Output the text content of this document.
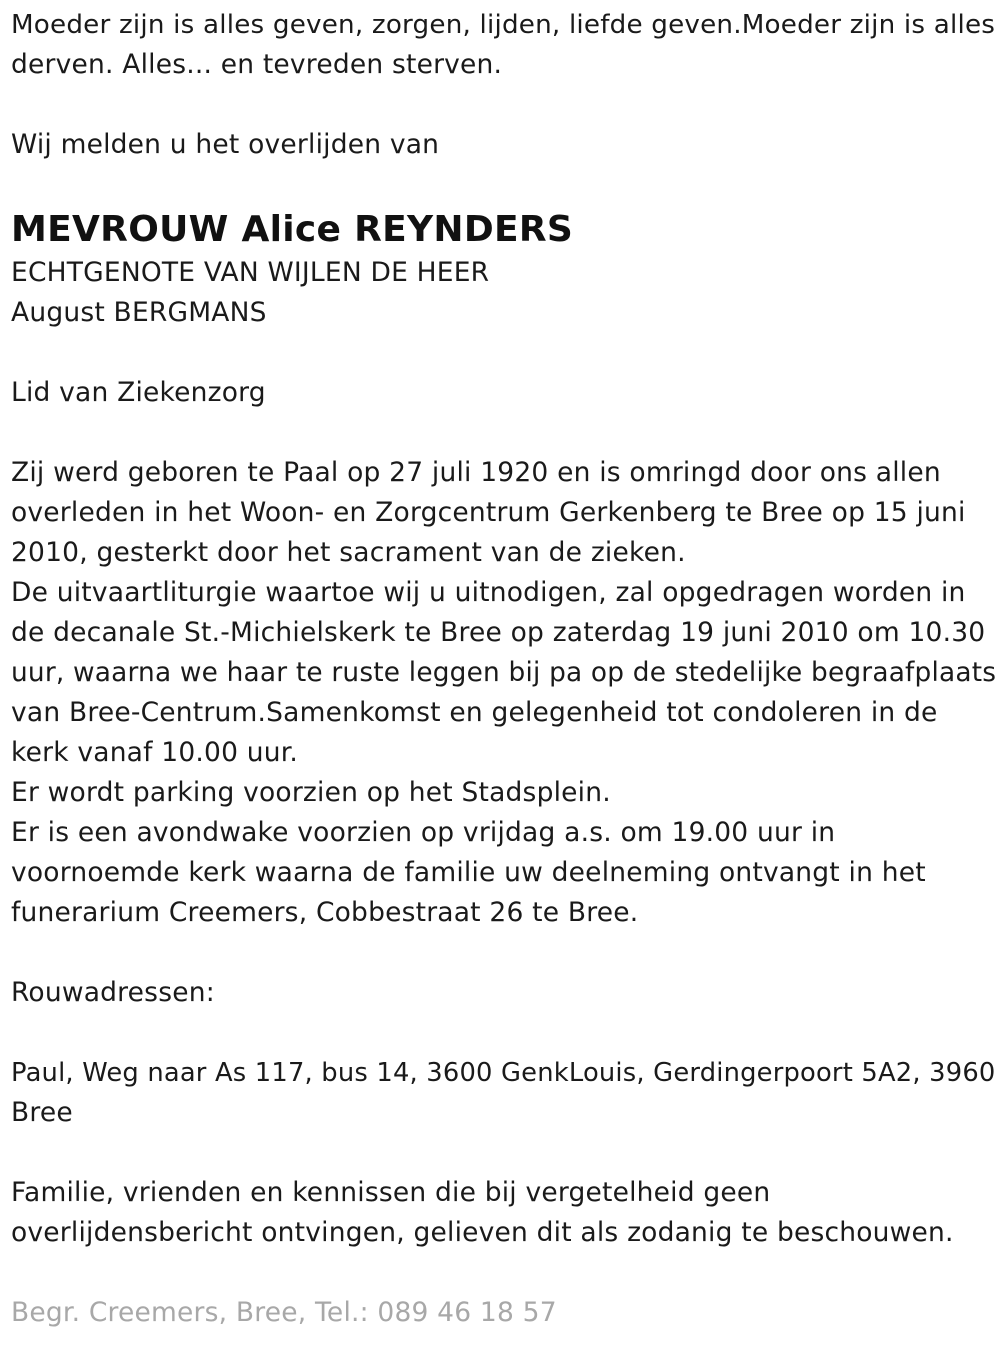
Moeder zijn is alles geven, zorgen, lijden, liefde geven.Moeder zijn is alles
derven. Alles... en tevreden sterven.
Wij melden u het overlijden van
MEVROUW Alice REYNDERS
ECHTGENOTE VAN WIJLEN DE HEER
August BERGMANS
Lid van Ziekenzorg
Zij werd geboren te Paal op 27 juli 1920 en is omringd door ons allen
overleden in het Woon- en Zorgcentrum Gerkenberg te Bree op 15 juni
2010, gesterkt door het sacrament van de zieken.
De uitvaartliturgie waartoe wij u uitnodigen, zal opgedragen worden in
de decanale St.-Michielskerk te Bree op zaterdag 19 juni 2010 om 10.30
uur, waarna we haar te ruste leggen bij pa op de stedelijke begraafplaats
van Bree-Centrum.Samenkomst en gelegenheid tot condoleren in de
kerk vanaf 10.00 uur.
Er wordt parking voorzien op het Stadsplein.
Er is een avondwake voorzien op vrijdag a.s. om 19.00 uur in
voornoemde kerk waarna de familie uw deelneming ontvangt in het
funerarium Creemers, Cobbestraat 26 te Bree.
Rouwadressen:
Paul, Weg naar As 117, bus 14, 3600 GenkLouis, Gerdingerpoort 5A2, 3960
Bree
Familie, vrienden en kennissen die bij vergetelheid geen
overlijdensbericht ontvingen, gelieven dit als zodanig te beschouwen.
Begr. Creemers, Bree, Tel.: 089 46 18 57
